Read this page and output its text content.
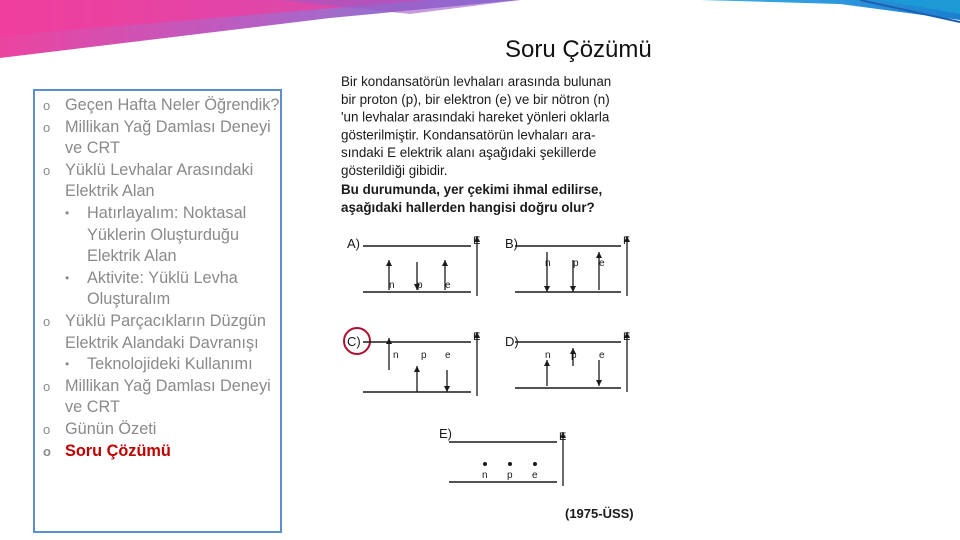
Soru Çözümü
o Geçen Hafta Neler Öğrendik?
o Millikan Yağ Damlası Deneyi ve CRT
o Yüklü Levhalar Arasındaki Elektrik Alan
•	Hatırlayalım: Noktasal Yüklerin Oluşturduğu Elektrik Alan
•	Aktivite: Yüklü Levha Oluşturalım
o Yüklü Parçacıkların Düzgün Elektrik Alandaki Davranışı
•	Teknolojideki Kullanımı
o Millikan Yağ Damlası Deneyi ve CRT
o Günün Özeti
o Soru Çözümü
Bir kondansatörün levhaları arasında bulunan
bir proton (p), bir elektron (e) ve bir nötron (n)
'un levhalar arasındaki hareket yönleri oklarla
gösterilmiştir. Kondansatörün levhaları ara-
sındaki E elektrik alanı aşağıdaki şekillerde
gösterildiği gibidir.
Bu durumunda, yer çekimi ihmal edilirse,
aşağıdaki hallerden hangisi doğru olur?
A)	E
n p e
B)	F
n p e
C)	E
e
n p
D)	E
p
n	e
E)	E
n p e
(1975-ÜSS)
